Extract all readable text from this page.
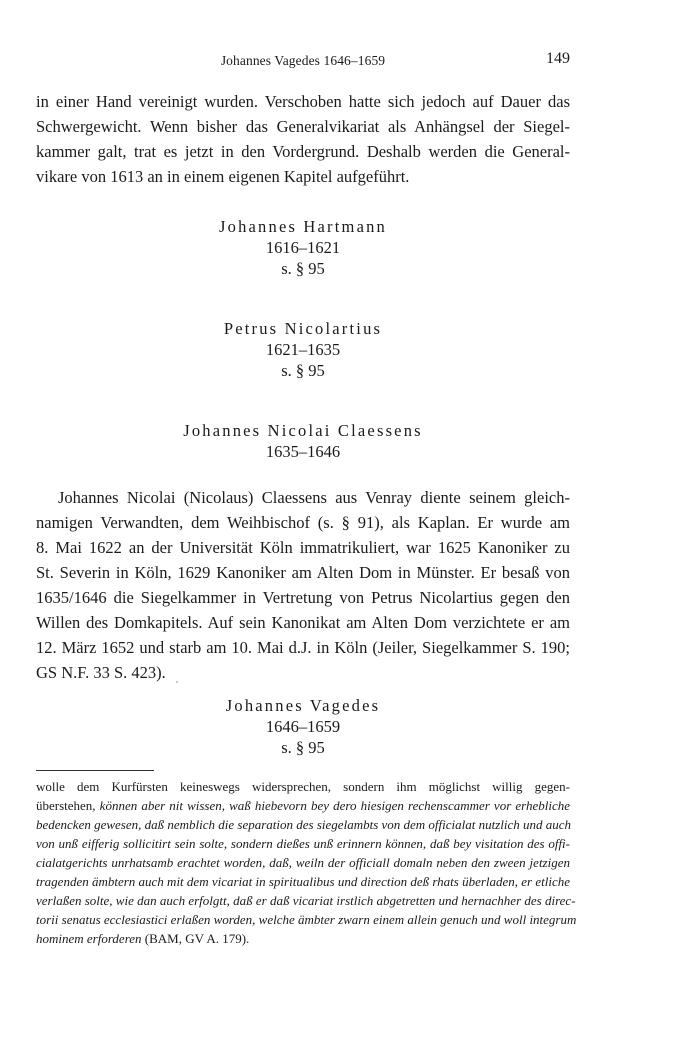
Johannes Vagedes 1646–1659	149
in einer Hand vereinigt wurden. Verschoben hatte sich jedoch auf Dauer das
Schwergewicht. Wenn bisher das Generalvikariat als Anhängsel der Siegel-
kammer galt, trat es jetzt in den Vordergrund. Deshalb werden die General-
vikare von 1613 an in einem eigenen Kapitel aufgeführt.
Johannes Hartmann
1616–1621
s. § 95
Petrus Nicolartius
1621–1635
s. § 95
Johannes Nicolai Claessens
1635–1646
Johannes Nicolai (Nicolaus) Claessens aus Venray diente seinem gleich-
namigen Verwandten, dem Weihbischof (s. § 91), als Kaplan. Er wurde am
8. Mai 1622 an der Universität Köln immatrikuliert, war 1625 Kanoniker zu
St. Severin in Köln, 1629 Kanoniker am Alten Dom in Münster. Er besaß von
1635/1646 die Siegelkammer in Vertretung von Petrus Nicolartius gegen den
Willen des Domkapitels. Auf sein Kanonikat am Alten Dom verzichtete er am
12. März 1652 und starb am 10. Mai d.J. in Köln (Jeiler, Siegelkammer S. 190;
GS N.F. 33 S. 423).
Johannes Vagedes
1646–1659
s. § 95
wolle dem Kurfürsten keineswegs widersprechen, sondern ihm möglichst willig gegen-
überstehen, können aber nit wissen, waß hiebevorn bey dero hiesigen rechenscammer vor erhebliche
bedencken gewesen, daß nemblich die separation des siegelambts von dem officialat nutzlich und auch
von unß eifferig sollicitirt sein solte, sondern dießes unß erinnern können, daß bey visitation des offi-
cialatgerichts unrhatsamb erachtet worden, daß, weiln der officiall domaln neben den zween jetzigen
tragenden ämbtern auch mit dem vicariat in spiritualibus und direction deß rhats überladen, er etliche
verlaßen solte, wie dan auch erfolgtt, daß er daß vicariat irstlich abgetretten und hernachher des direc-
torii senatus ecclesiastici erlaßen worden, welche ämbter zwarn einem allein genuch und woll integrum
hominem erforderen (BAM, GV A. 179).
